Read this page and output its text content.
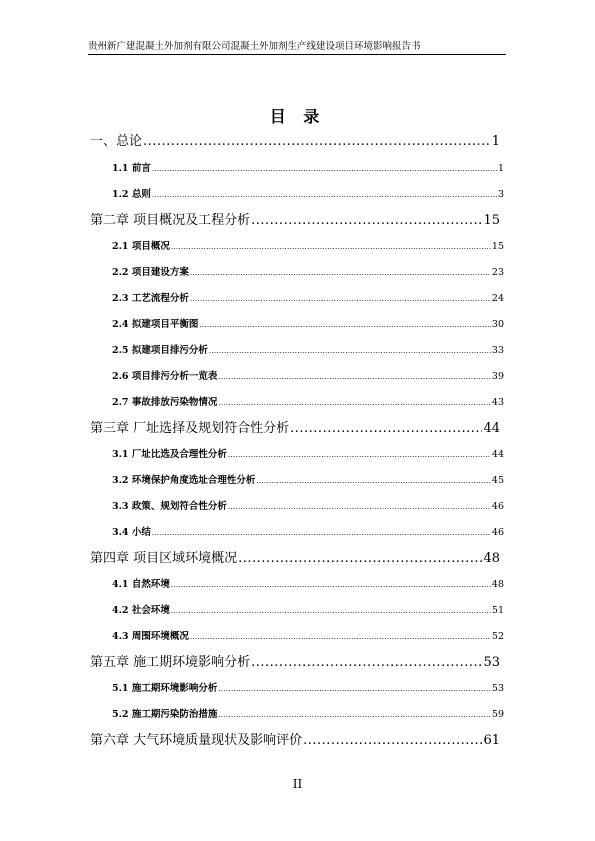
贵州新广建混凝土外加剂有限公司混凝土外加剂生产线建设项目环境影响报告书
目 录
一、总论 .....	1
1.1 前言 .....	1
1.2 总则 .....	3
第二章 项目概况及工程分析 .....	15
2.1 项目概况 .....	15
2.2 项目建设方案 .....	23
2.3 工艺流程分析 .....	24
2.4 拟建项目平衡图 .....	30
2.5 拟建项目排污分析 .....	33
2.6 项目排污分析一览表 .....	39
2.7 事故排放污染物情况 .....	43
第三章 厂址选择及规划符合性分析 .....	44
3.1 厂址比选及合理性分析 .....	44
3.2 环境保护角度选址合理性分析 .....	45
3.3 政策、规划符合性分析 .....	46
3.4 小结 .....	46
第四章 项目区域环境概况 .....	48
4.1 自然环境 .....	48
4.2 社会环境 .....	51
4.3 周围环境概况 .....	52
第五章 施工期环境影响分析 .....	53
5.1 施工期环境影响分析 .....	53
5.2 施工期污染防治措施 .....	59
第六章 大气环境质量现状及影响评价 .....	61
II
